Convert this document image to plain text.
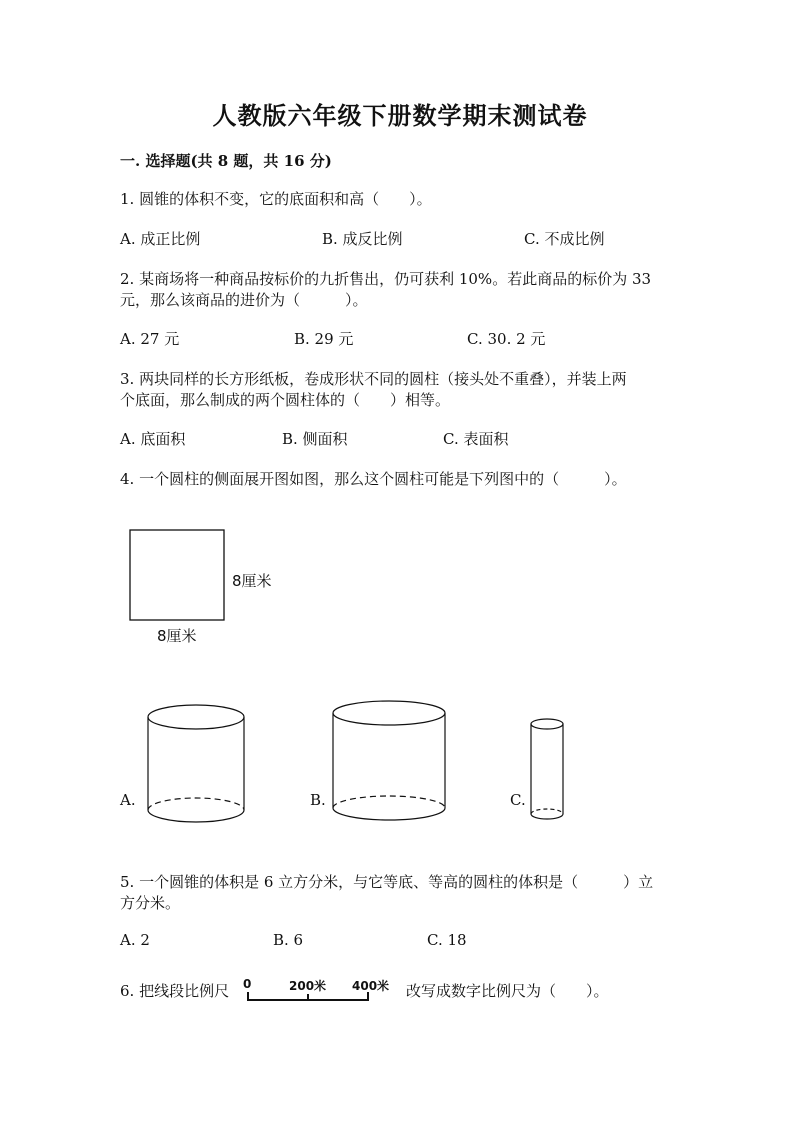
人教版六年级下册数学期末测试卷
一. 选择题(共 8 题，共 16 分)
1. 圆锥的体积不变，它的底面积和高（　　）。
A. 成正比例	B. 成反比例	C. 不成比例
2. 某商场将一种商品按标价的九折售出，仍可获利 10%。若此商品的标价为 33
元，那么该商品的进价为（　　　）。
A. 27 元	B. 29 元	C. 30. 2 元
3. 两块同样的长方形纸板，卷成形状不同的圆柱（接头处不重叠），并装上两
个底面，那么制成的两个圆柱体的（　　）相等。
A. 底面积	B. 侧面积	C. 表面积
4. 一个圆柱的侧面展开图如图，那么这个圆柱可能是下列图中的（　　　）。
8厘米
8厘米
A.	B.	C.
5. 一个圆锥的体积是 6 立方分米，与它等底、等高的圆柱的体积是（　　　）立
方分米。
A. 2	B. 6	C. 18
6. 把线段比例尺 0	200米 400米 改写成数字比例尺为（　　）。
